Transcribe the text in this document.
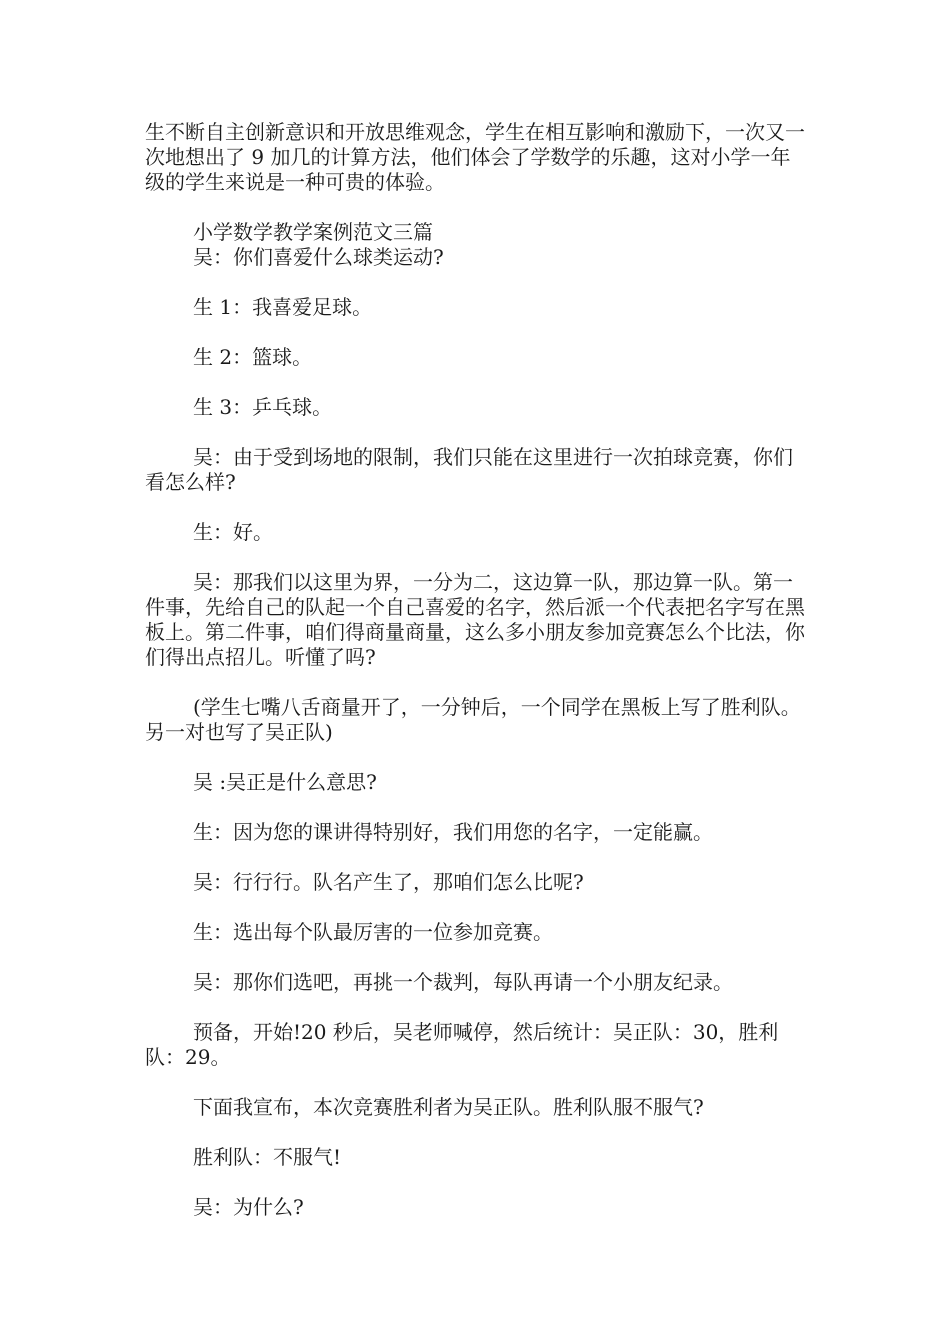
生不断自主创新意识和开放思维观念，学生在相互影响和激励下，一次又一次地想出了 9 加几的计算方法，他们体会了学数学的乐趣，这对小学一年级的学生来说是一种可贵的体验。

小学数学教学案例范文三篇

吴：你们喜爱什么球类运动?

生 1：我喜爱足球。

生 2：篮球。

生 3：乒乓球。

吴：由于受到场地的限制，我们只能在这里进行一次拍球竞赛，你们看怎么样?

生：好。

吴：那我们以这里为界，一分为二，这边算一队，那边算一队。第一件事，先给自己的队起一个自己喜爱的名字，然后派一个代表把名字写在黑板上。第二件事，咱们得商量商量，这么多小朋友参加竞赛怎么个比法，你们得出点招儿。听懂了吗?

(学生七嘴八舌商量开了，一分钟后，一个同学在黑板上写了胜利队。另一对也写了吴正队)

吴 :吴正是什么意思?

生：因为您的课讲得特别好，我们用您的名字，一定能赢。

吴：行行行。队名产生了，那咱们怎么比呢?

生：选出每个队最厉害的一位参加竞赛。

吴：那你们选吧，再挑一个裁判，每队再请一个小朋友纪录。

预备，开始!20 秒后，吴老师喊停，然后统计：吴正队：30，胜利队：29。

下面我宣布，本次竞赛胜利者为吴正队。胜利队服不服气?

胜利队：不服气!

吴：为什么?
